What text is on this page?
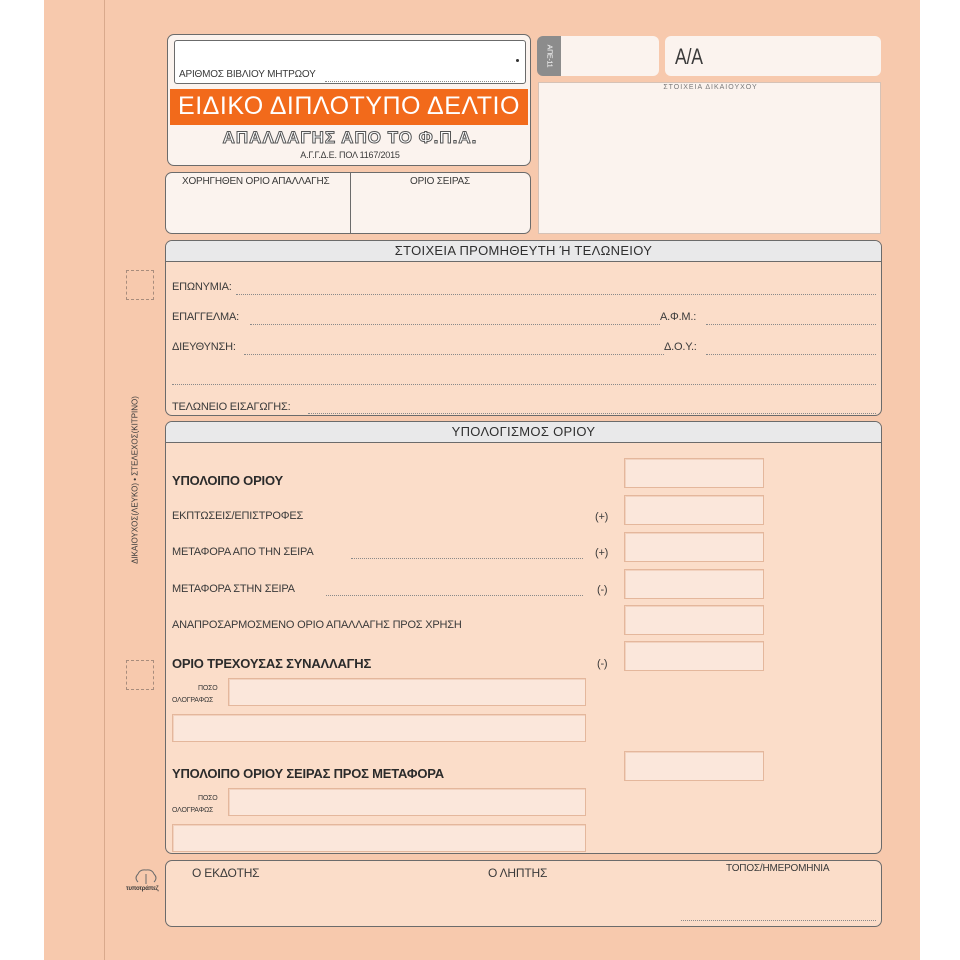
ΔΙΚΑΙΟΥΧΟΣ(ΛΕΥΚΟ) • ΣΤΕΛΕΧΟΣ(ΚΙΤΡΙΝΟ)
τυποτράπεζ
ΑΡΙΘΜΟΣ ΒΙΒΛΙΟΥ ΜΗΤΡΩΟΥ
ΕΙΔΙΚΟ ΔΙΠΛΟΤΥΠΟ ΔΕΛΤΙΟ
ΑΠΑΛΛΑΓΗΣ ΑΠΟ ΤΟ Φ.Π.Α.
Α.Γ.Γ.Δ.Ε. ΠΟΛ 1167/2015
ΧΟΡΗΓΗΘΕΝ ΟΡΙΟ ΑΠΑΛΛΑΓΗΣ	ΟΡΙΟ ΣΕΙΡΑΣ
ΑΠΕ-11	Α/Α
ΣΤΟΙΧΕΙΑ ΔΙΚΑΙΟΥΧΟΥ
ΣΤΟΙΧΕΙΑ ΠΡΟΜΗΘΕΥΤΗ Ή ΤΕΛΩΝΕΙΟΥ
ΕΠΩΝΥΜΙΑ:
ΕΠΑΓΓΕΛΜΑ:	Α.Φ.Μ.:
ΔΙΕΥΘΥΝΣΗ:	Δ.Ο.Υ.:
ΤΕΛΩΝΕΙΟ ΕΙΣΑΓΩΓΗΣ:
ΥΠΟΛΟΓΙΣΜΟΣ ΟΡΙΟΥ
ΥΠΟΛΟΙΠΟ ΟΡΙΟΥ
ΕΚΠΤΩΣΕΙΣ/ΕΠΙΣΤΡΟΦΕΣ	(+)
ΜΕΤΑΦΟΡΑ ΑΠΟ ΤΗΝ ΣΕΙΡΑ	(+)
ΜΕΤΑΦΟΡΑ ΣΤΗΝ ΣΕΙΡΑ	(-)
ΑΝΑΠΡΟΣΑΡΜΟΣΜΕΝΟ ΟΡΙΟ ΑΠΑΛΛΑΓΗΣ ΠΡΟΣ ΧΡΗΣΗ
ΟΡΙΟ ΤΡΕΧΟΥΣΑΣ ΣΥΝΑΛΛΑΓΗΣ	(-)
ΠΟΣΟ
ΟΛΟΓΡΑΦΩΣ
ΥΠΟΛΟΙΠΟ ΟΡΙΟΥ ΣΕΙΡΑΣ ΠΡΟΣ ΜΕΤΑΦΟΡΑ
ΠΟΣΟ
ΟΛΟΓΡΑΦΩΣ
Ο ΕΚΔΟΤΗΣ	Ο ΛΗΠΤΗΣ	ΤΟΠΟΣ/ΗΜΕΡΟΜΗΝΙΑ
